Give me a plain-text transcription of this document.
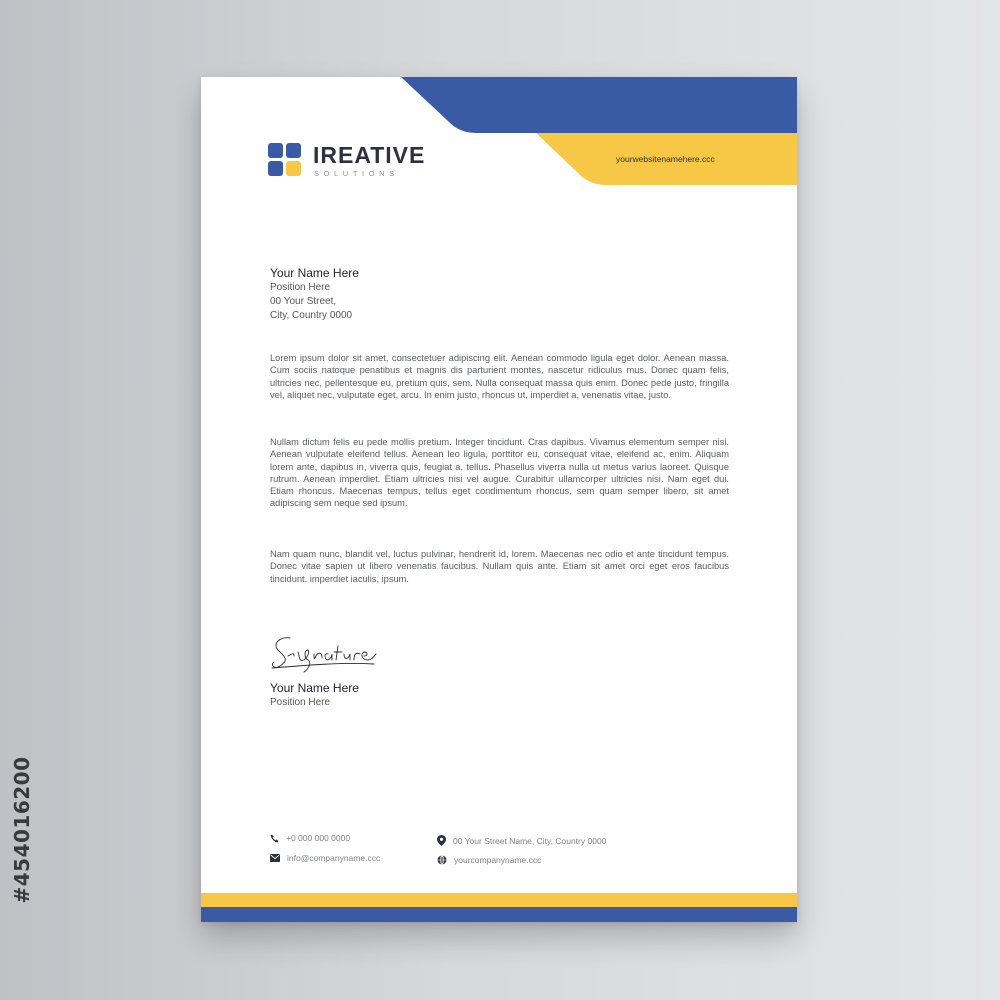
#454016200
IREATIVE
SOLUTIONS
yourwebsitenamehere.ccc
Your Name Here
Position Here
00 Your Street,
City, Country 0000
Lorem ipsum dolor sit amet, consectetuer adipiscing elit. Aenean commodo ligula eget dolor. Aenean massa. Cum sociis natoque penatibus et magnis dis parturient montes, nascetur ridiculus mus. Donec quam felis, ultricies nec, pellentesque eu, pretium quis, sem. Nulla consequat massa quis enim. Donec pede justo, fringilla vel, aliquet nec, vulputate eget, arcu. In enim justo, rhoncus ut, imperdiet a, venenatis vitae, justo.
Nullam dictum felis eu pede mollis pretium. Integer tincidunt. Cras dapibus. Vivamus elementum semper nisi. Aenean vulputate eleifend tellus. Aenean leo ligula, porttitor eu, consequat vitae, eleifend ac, enim. Aliquam lorem ante, dapibus in, viverra quis, feugiat a, tellus. Phasellus viverra nulla ut metus varius laoreet. Quisque rutrum. Aenean imperdiet. Etiam ultricies nisi vel augue. Curabitur ullamcorper ultricies nisi. Nam eget dui. Etiam rhoncus. Maecenas tempus, tellus eget condimentum rhoncus, sem quam semper libero, sit amet adipiscing sem neque sed ipsum.
Nam quam nunc, blandit vel, luctus pulvinar, hendrerit id, lorem. Maecenas nec odio et ante tincidunt tempus. Donec vitae sapien ut libero venenatis faucibus. Nullam quis ante. Etiam sit amet orci eget eros faucibus tincidunt. imperdiet iaculis, ipsum.
Your Name Here
Position Here
+0 000 000 0000
info@companyname.ccc
00 Your Street Name, City, Country 0000
yourcompanyname.ccc
